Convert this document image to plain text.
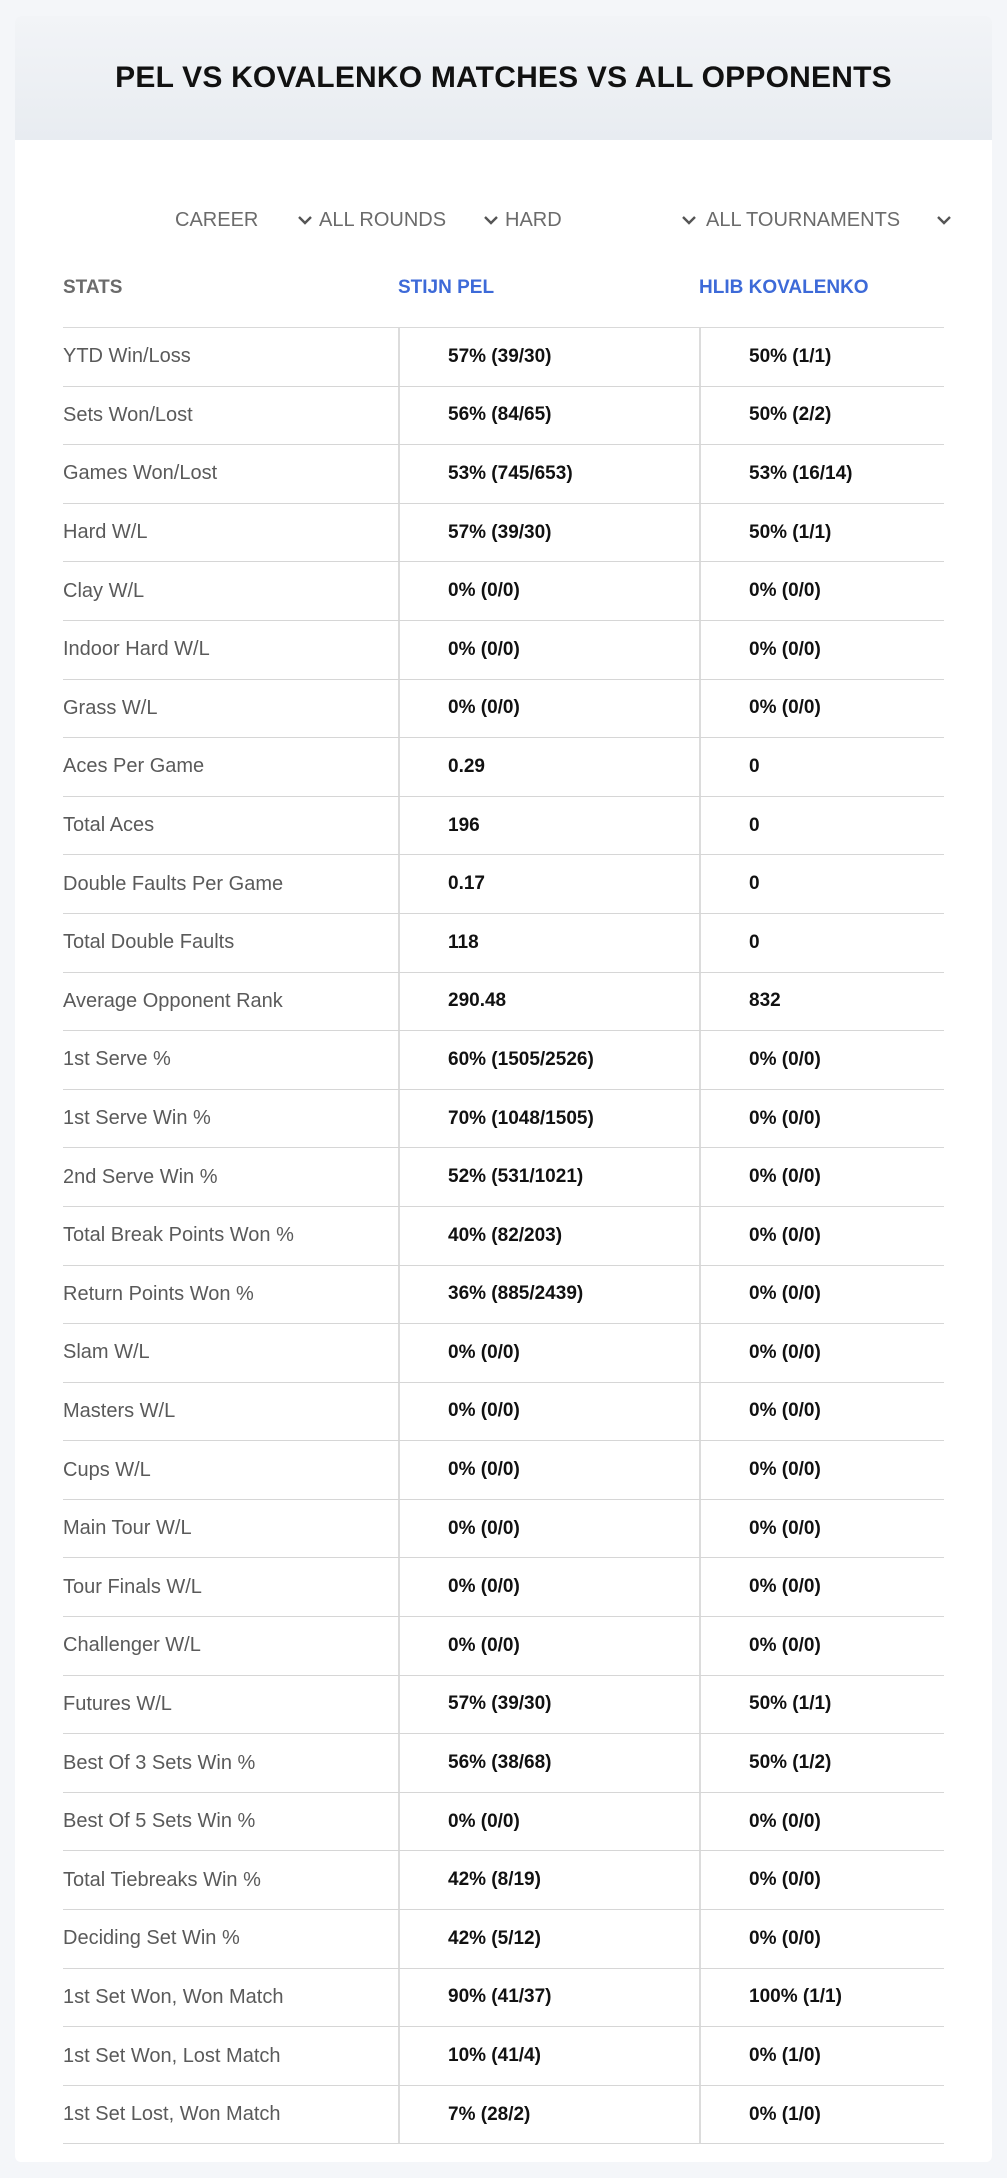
PEL VS KOVALENKO MATCHES VS ALL OPPONENTS
CAREER	ALL ROUNDS	HARD	ALL TOURNAMENTS
STATS	STIJN PEL	HLIB KOVALENKO
YTD Win/Loss	57% (39/30)	50% (1/1)
Sets Won/Lost	56% (84/65)	50% (2/2)
Games Won/Lost	53% (745/653)	53% (16/14)
Hard W/L	57% (39/30)	50% (1/1)
Clay W/L	0% (0/0)	0% (0/0)
Indoor Hard W/L	0% (0/0)	0% (0/0)
Grass W/L	0% (0/0)	0% (0/0)
Aces Per Game	0.29	0
Total Aces	196	0
Double Faults Per Game	0.17	0
Total Double Faults	118	0
Average Opponent Rank	290.48	832
1st Serve %	60% (1505/2526)	0% (0/0)
1st Serve Win %	70% (1048/1505)	0% (0/0)
2nd Serve Win %	52% (531/1021)	0% (0/0)
Total Break Points Won %	40% (82/203)	0% (0/0)
Return Points Won %	36% (885/2439)	0% (0/0)
Slam W/L	0% (0/0)	0% (0/0)
Masters W/L	0% (0/0)	0% (0/0)
Cups W/L	0% (0/0)	0% (0/0)
Main Tour W/L	0% (0/0)	0% (0/0)
Tour Finals W/L	0% (0/0)	0% (0/0)
Challenger W/L	0% (0/0)	0% (0/0)
Futures W/L	57% (39/30)	50% (1/1)
Best Of 3 Sets Win %	56% (38/68)	50% (1/2)
Best Of 5 Sets Win %	0% (0/0)	0% (0/0)
Total Tiebreaks Win %	42% (8/19)	0% (0/0)
Deciding Set Win %	42% (5/12)	0% (0/0)
1st Set Won, Won Match	90% (41/37)	100% (1/1)
1st Set Won, Lost Match	10% (41/4)	0% (1/0)
1st Set Lost, Won Match	7% (28/2)	0% (1/0)
